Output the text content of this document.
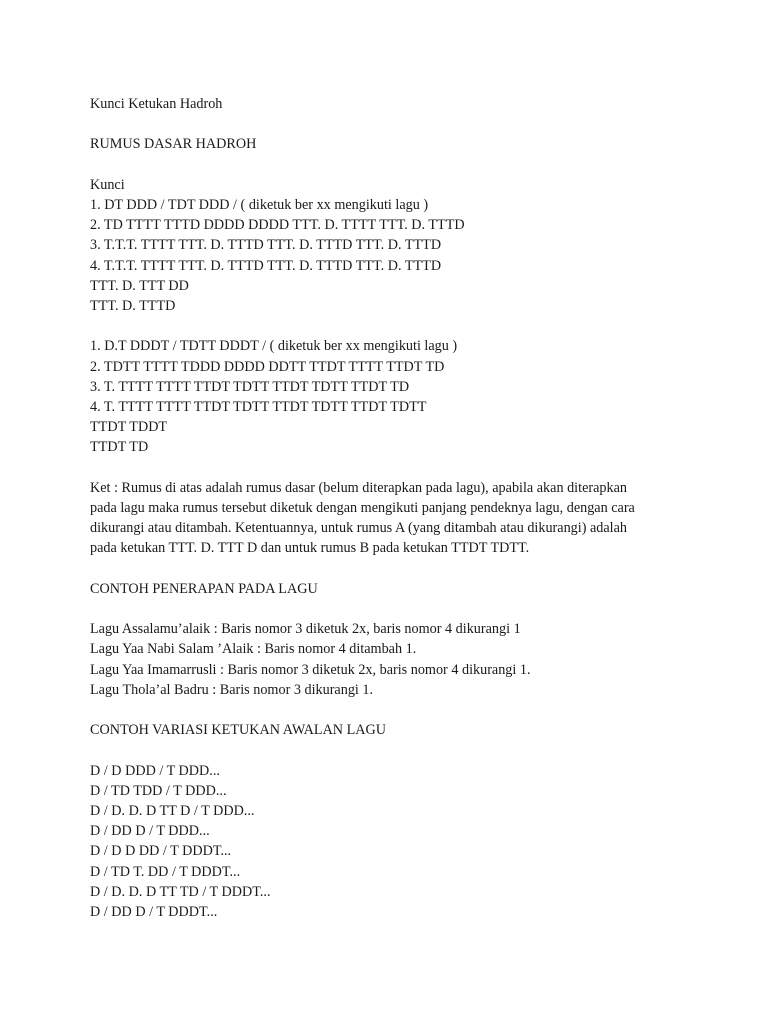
Kunci Ketukan Hadroh

RUMUS DASAR HADROH

Kunci

1. DT DDD / TDT DDD / ( diketuk ber xx mengikuti lagu )

2. TD TTTT TTTD DDDD DDDD TTT. D. TTTT TTT. D. TTTD

3. T.T.T. TTTT TTT. D. TTTD TTT. D. TTTD TTT. D. TTTD

4. T.T.T. TTTT TTT. D. TTTD TTT. D. TTTD TTT. D. TTTD

TTT. D. TTT DD

TTT. D. TTTD

1. D.T DDDT / TDTT DDDT / ( diketuk ber xx mengikuti lagu )

2. TDTT TTTT TDDD DDDD DDTT TTDT TTTT TTDT TD

3. T. TTTT TTTT TTDT TDTT TTDT TDTT TTDT TD

4. T. TTTT TTTT TTDT TDTT TTDT TDTT TTDT TDTT

TTDT TDDT

TTDT TD

Ket : Rumus di atas adalah rumus dasar (belum diterapkan pada lagu), apabila akan diterapkan

pada lagu maka rumus tersebut diketuk dengan mengikuti panjang pendeknya lagu, dengan cara

dikurangi atau ditambah. Ketentuannya, untuk rumus A (yang ditambah atau dikurangi) adalah

pada ketukan TTT. D. TTT D dan untuk rumus B pada ketukan TTDT TDTT.

CONTOH PENERAPAN PADA LAGU

Lagu Assalamu’alaik : Baris nomor 3 diketuk 2x, baris nomor 4 dikurangi 1

Lagu Yaa Nabi Salam ’Alaik : Baris nomor 4 ditambah 1.

Lagu Yaa Imamarrusli : Baris nomor 3 diketuk 2x, baris nomor 4 dikurangi 1.

Lagu Thola’al Badru : Baris nomor 3 dikurangi 1.

CONTOH VARIASI KETUKAN AWALAN LAGU

D / D DDD / T DDD...

D / TD TDD / T DDD...

D / D. D. D TT D / T DDD...

D / DD D / T DDD...

D / D D DD / T DDDT...

D / TD T. DD / T DDDT...

D / D. D. D TT TD / T DDDT...

D / DD D / T DDDT...
